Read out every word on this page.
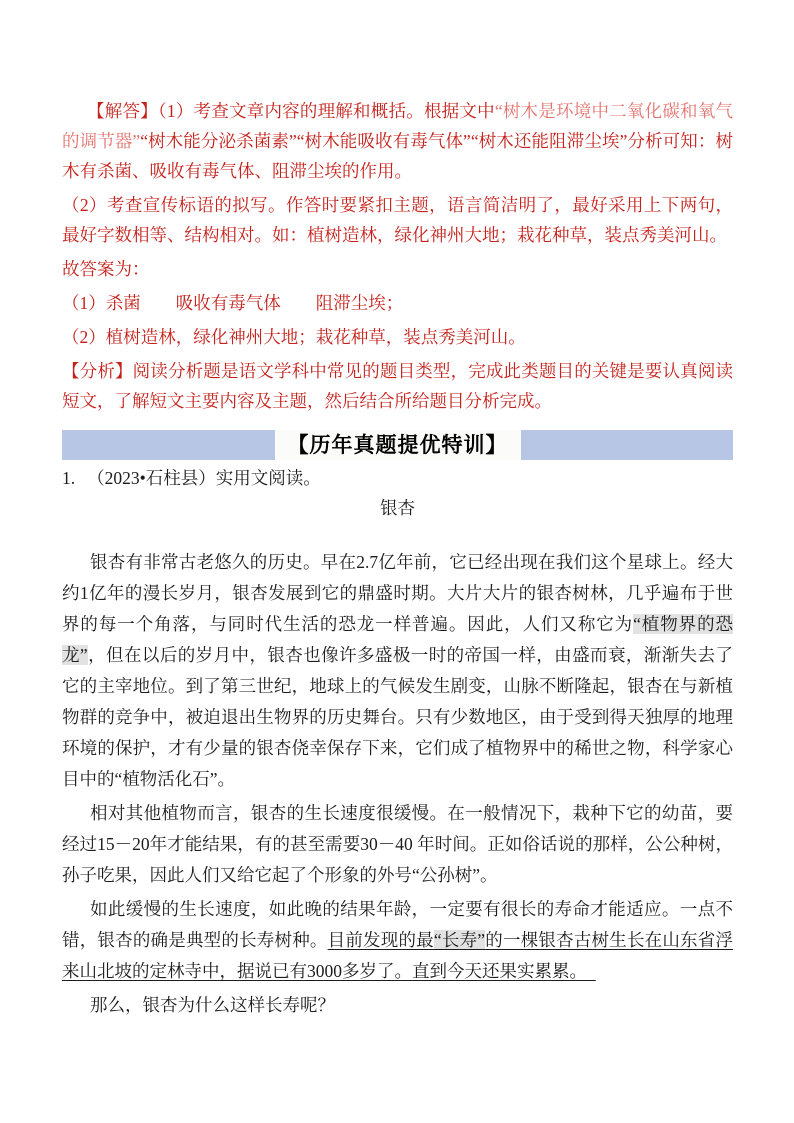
【解答】（1）考查文章内容的理解和概括。根据文中“树木是环境中二氧化碳和氧气的调节器”“树木能分泌杀菌素”“树木能吸收有毒气体”“树木还能阻滞尘埃”分析可知：树木有杀菌、吸收有毒气体、阻滞尘埃的作用。

（2）考查宣传标语的拟写。作答时要紧扣主题，语言简洁明了，最好采用上下两句，最好字数相等、结构相对。如：植树造林，绿化神州大地；栽花种草，装点秀美河山。

故答案为：

（1）杀菌　　吸收有毒气体　　阻滞尘埃；

（2）植树造林，绿化神州大地；栽花种草，装点秀美河山。

【分析】阅读分析题是语文学科中常见的题目类型，完成此类题目的关键是要认真阅读短文，了解短文主要内容及主题，然后结合所给题目分析完成。

【历年真题提优特训】

1. （2023•石柱县）实用文阅读。

银杏

银杏有非常古老悠久的历史。早在2.7亿年前，它已经出现在我们这个星球上。经大约1亿年的漫长岁月，银杏发展到它的鼎盛时期。大片大片的银杏树林，几乎遍布于世界的每一个角落，与同时代生活的恐龙一样普遍。因此，人们又称它为“植物界的恐龙”，但在以后的岁月中，银杏也像许多盛极一时的帝国一样，由盛而衰，渐渐失去了它的主宰地位。到了第三世纪，地球上的气候发生剧变，山脉不断隆起，银杏在与新植物群的竞争中，被迫退出生物界的历史舞台。只有少数地区，由于受到得天独厚的地理环境的保护，才有少量的银杏侥幸保存下来，它们成了植物界中的稀世之物，科学家心目中的“植物活化石”。

相对其他植物而言，银杏的生长速度很缓慢。在一般情况下，栽种下它的幼苗，要经过15－20年才能结果，有的甚至需要30－40 年时间。正如俗话说的那样，公公种树，孙子吃果，因此人们又给它起了个形象的外号“公孙树”。

如此缓慢的生长速度，如此晚的结果年龄，一定要有很长的寿命才能适应。一点不错，银杏的确是典型的长寿树种。目前发现的最“长寿”的一棵银杏古树生长在山东省浮来山北坡的定林寺中，据说已有3000多岁了。直到今天还果实累累。　

那么，银杏为什么这样长寿呢？
